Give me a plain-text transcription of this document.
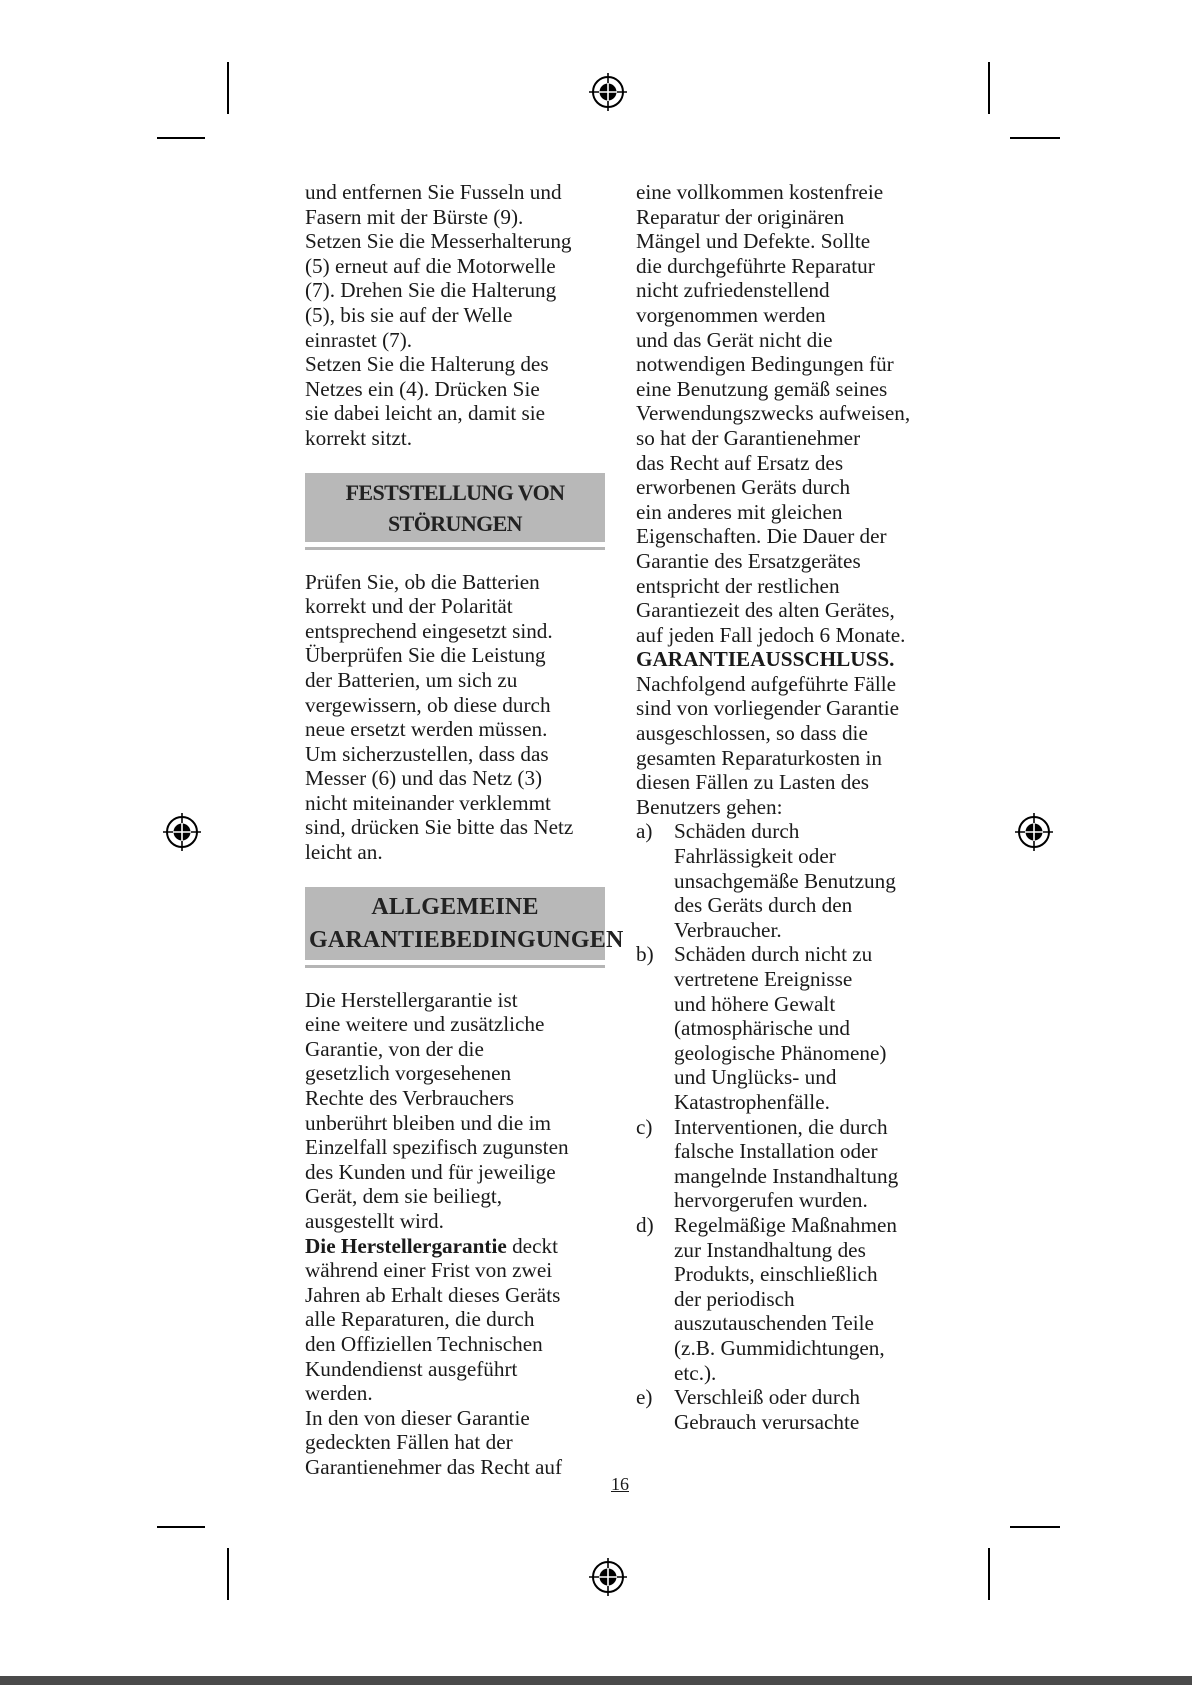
und entfernen Sie Fusseln und
Fasern mit der Bürste (9).
Setzen Sie die Messerhalterung
(5) erneut auf die Motorwelle
(7). Drehen Sie die Halterung
(5), bis sie auf der Welle
einrastet (7).
Setzen Sie die Halterung des
Netzes ein (4). Drücken Sie
sie dabei leicht an, damit sie
korrekt sitzt.

FESTSTELLUNG VON
STÖRUNGEN

Prüfen Sie, ob die Batterien
korrekt und der Polarität
entsprechend eingesetzt sind.
Überprüfen Sie die Leistung
der Batterien, um sich zu
vergewissern, ob diese durch
neue ersetzt werden müssen.
Um sicherzustellen, dass das
Messer (6) und das Netz (3)
nicht miteinander verklemmt
sind, drücken Sie bitte das Netz
leicht an.

ALLGEMEINE
GARANTIEBEDINGUNGEN

Die Herstellergarantie ist
eine weitere und zusätzliche
Garantie, von der die
gesetzlich vorgesehenen
Rechte des Verbrauchers
unberührt bleiben und die im
Einzelfall spezifisch zugunsten
des Kunden und für jeweilige
Gerät, dem sie beiliegt,
ausgestellt wird.
Die Herstellergarantie deckt
während einer Frist von zwei
Jahren ab Erhalt dieses Geräts
alle Reparaturen, die durch
den Offiziellen Technischen
Kundendienst ausgeführt
werden.
In den von dieser Garantie
gedeckten Fällen hat der
Garantienehmer das Recht auf

eine vollkommen kostenfreie
Reparatur der originären
Mängel und Defekte. Sollte
die durchgeführte Reparatur
nicht zufriedenstellend
vorgenommen werden
und das Gerät nicht die
notwendigen Bedingungen für
eine Benutzung gemäß seines
Verwendungszwecks aufweisen,
so hat der Garantienehmer
das Recht auf Ersatz des
erworbenen Geräts durch
ein anderes mit gleichen
Eigenschaften. Die Dauer der
Garantie des Ersatzgerätes
entspricht der restlichen
Garantiezeit des alten Gerätes,
auf jeden Fall jedoch 6 Monate.

GARANTIEAUSSCHLUSS.

Nachfolgend aufgeführte Fälle
sind von vorliegender Garantie
ausgeschlossen, so dass die
gesamten Reparaturkosten in
diesen Fällen zu Lasten des
Benutzers gehen:

a)	Schäden durch
Fahrlässigkeit oder
unsachgemäße Benutzung
des Geräts durch den
Verbraucher.
b) Schäden durch nicht zu
vertretene Ereignisse
und höhere Gewalt
(atmosphärische und
geologische Phänomene)
und Unglücks- und
Katastrophenfälle.
c)	Interventionen, die durch
falsche Installation oder
mangelnde Instandhaltung
hervorgerufen wurden.
d) Regelmäßige Maßnahmen
zur Instandhaltung des
Produkts, einschließlich
der periodisch
auszutauschenden Teile
(z.B. Gummidichtungen,
etc.).
e)	Verschleiß oder durch
Gebrauch verursachte
16
